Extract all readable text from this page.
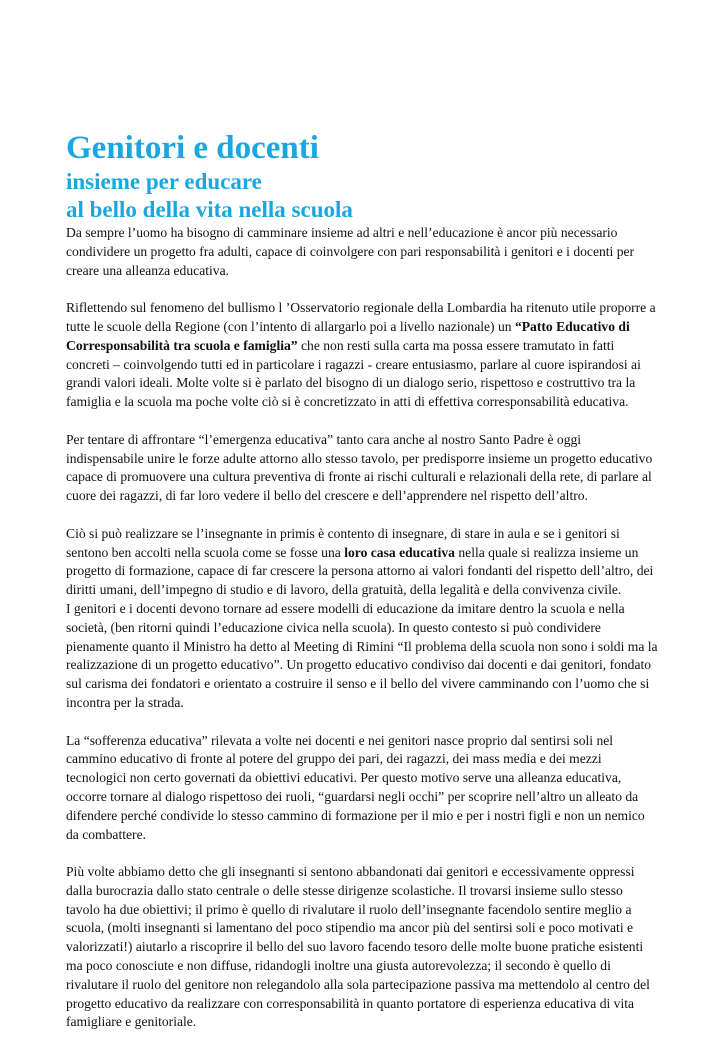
Genitori e docenti
insieme per educare
al bello della vita nella scuola

Da sempre l’uomo ha bisogno di camminare insieme ad altri e nell’educazione è ancor più necessario condividere un progetto fra adulti, capace di coinvolgere con pari responsabilità i genitori e i docenti per creare una alleanza educativa.

Riflettendo sul fenomeno del bullismo l ’Osservatorio regionale della Lombardia ha ritenuto utile proporre a tutte le scuole della Regione (con l’intento di allargarlo poi a livello nazionale) un “Patto Educativo di Corresponsabilità tra scuola e famiglia” che non resti sulla carta ma possa essere tramutato in fatti concreti – coinvolgendo tutti ed in particolare i ragazzi - creare entusiasmo, parlare al cuore ispirandosi ai grandi valori ideali. Molte volte si è parlato del bisogno di un dialogo serio, rispettoso e costruttivo tra la famiglia e la scuola ma poche volte ciò si è concretizzato in atti di effettiva corresponsabilità educativa.

Per tentare di affrontare “l’emergenza educativa” tanto cara anche al nostro Santo Padre è oggi indispensabile unire le forze adulte attorno allo stesso tavolo, per predisporre insieme un progetto educativo capace di promuovere una cultura preventiva di fronte ai rischi culturali e relazionali della rete, di parlare al cuore dei ragazzi, di far loro vedere il bello del crescere e dell’apprendere nel rispetto dell’altro.

Ciò si può realizzare se l’insegnante in primis è contento di insegnare, di stare in aula e se i genitori si sentono ben accolti nella scuola come se fosse una loro casa educativa nella quale si realizza insieme un progetto di formazione, capace di far crescere la persona attorno ai valori fondanti del rispetto dell’altro, dei diritti umani, dell’impegno di studio e di lavoro, della gratuità, della legalità e della convivenza civile.

I genitori e i docenti devono tornare ad essere modelli di educazione da imitare dentro la scuola e nella società, (ben ritorni quindi l’educazione civica nella scuola). In questo contesto si può condividere pienamente quanto il Ministro ha detto al Meeting di Rimini “Il problema della scuola non sono i soldi ma la realizzazione di un progetto educativo”. Un progetto educativo condiviso dai docenti e dai genitori, fondato sul carisma dei fondatori e orientato a costruire il senso e il bello del vivere camminando con l’uomo che si incontra per la strada.

La “sofferenza educativa” rilevata a volte nei docenti e nei genitori nasce proprio dal sentirsi soli nel cammino educativo di fronte al potere del gruppo dei pari, dei ragazzi, dei mass media e dei mezzi tecnologici non certo governati da obiettivi educativi. Per questo motivo serve una alleanza educativa, occorre tornare al dialogo rispettoso dei ruoli, “guardarsi negli occhi” per scoprire nell’altro un alleato da difendere perché condivide lo stesso cammino di formazione per il mio e per i nostri figli e non un nemico da combattere.

Più volte abbiamo detto che gli insegnanti si sentono abbandonati dai genitori e eccessivamente oppressi dalla burocrazia dallo stato centrale o delle stesse dirigenze scolastiche. Il trovarsi insieme sullo stesso tavolo ha due obiettivi; il primo è quello di rivalutare il ruolo dell’insegnante facendolo sentire meglio a scuola, (molti insegnanti si lamentano del poco stipendio ma ancor più del sentirsi soli e poco motivati e valorizzati!) aiutarlo a riscoprire il bello del suo lavoro facendo tesoro delle molte buone pratiche esistenti ma poco conosciute e non diffuse, ridandogli inoltre una giusta autorevolezza; il secondo è quello di rivalutare il ruolo del genitore non relegandolo alla sola partecipazione passiva ma mettendolo al centro del progetto educativo da realizzare con corresponsabilità in quanto portatore di esperienza educativa di vita famigliare e genitoriale.
